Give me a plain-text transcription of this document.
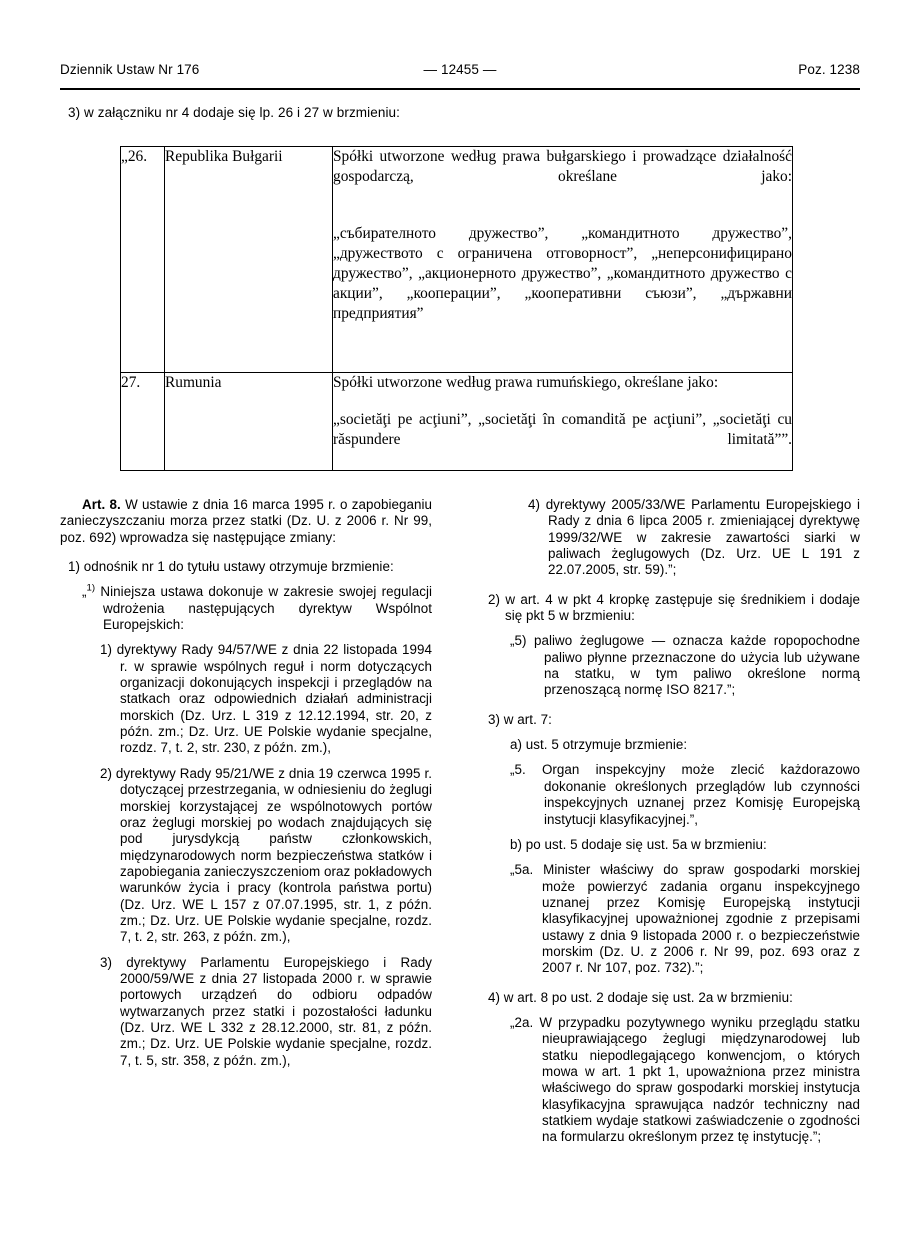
Dziennik Ustaw Nr 176	— 12455 —	Poz. 1238
3) w załączniku nr 4 dodaje się lp. 26 i 27 w brzmieniu:
„26.	Republika Bułgarii	Spółki utworzone według prawa bułgarskiego i prowadzące działalność gospodarczą, określane jako:

„събирателното дружество”, „командитното дружество”, „дружеството с ограничена отговорност”, „неперсонифицирано дружество”, „акционерното дружество”, „командитното дружество с акции”, „кооперации”, „кооперативни съюзи”, „държавни предприятия”

27.	Rumunia	Spółki utworzone według prawa rumuńskiego, określane jako:

„societăţi pe acţiuni”, „societăţi în comandită pe acţiuni”, „societăţi cu răspundere limitată””.

Art. 8. W ustawie z dnia 16 marca 1995 r. o zapobieganiu zanieczyszczaniu morza przez statki (Dz. U. z 2006 r. Nr 99, poz. 692) wprowadza się następujące zmiany:

1) odnośnik nr 1 do tytułu ustawy otrzymuje brzmienie:

„$^{1)}$ Niniejsza ustawa dokonuje w zakresie swojej regulacji wdrożenia następujących dyrektyw Wspólnot Europejskich:

1) dyrektywy Rady 94/57/WE z dnia 22 listopada 1994 r. w sprawie wspólnych reguł i norm dotyczących organizacji dokonujących inspekcji i przeglądów na statkach oraz odpowiednich działań administracji morskich (Dz. Urz. L 319 z 12.12.1994, str. 20, z późn. zm.; Dz. Urz. UE Polskie wydanie specjalne, rozdz. 7, t. 2, str. 230, z późn. zm.),

2) dyrektywy Rady 95/21/WE z dnia 19 czerwca 1995 r. dotyczącej przestrzegania, w odniesieniu do żeglugi morskiej korzystającej ze wspólnotowych portów oraz żeglugi morskiej po wodach znajdujących się pod jurysdykcją państw członkowskich, międzynarodowych norm bezpieczeństwa statków i zapobiegania zanieczyszczeniom oraz pokładowych warunków życia i pracy (kontrola państwa portu) (Dz. Urz. WE L 157 z 07.07.1995, str. 1, z późn. zm.; Dz. Urz. UE Polskie wydanie specjalne, rozdz. 7, t. 2, str. 263, z późn. zm.),

3) dyrektywy Parlamentu Europejskiego i Rady 2000/59/WE z dnia 27 listopada 2000 r. w sprawie portowych urządzeń do odbioru odpadów wytwarzanych przez statki i pozostałości ładunku (Dz. Urz. WE L 332 z 28.12.2000, str. 81, z późn. zm.; Dz. Urz. UE Polskie wydanie specjalne, rozdz. 7, t. 5, str. 358, z późn. zm.),

4) dyrektywy 2005/33/WE Parlamentu Europejskiego i Rady z dnia 6 lipca 2005 r. zmieniającej dyrektywę 1999/32/WE w zakresie zawartości siarki w paliwach żeglugowych (Dz. Urz. UE L 191 z 22.07.2005, str. 59).”;

2) w art. 4 w pkt 4 kropkę zastępuje się średnikiem i dodaje się pkt 5 w brzmieniu:

„5) paliwo żeglugowe — oznacza każde ropopochodne paliwo płynne przeznaczone do użycia lub używane na statku, w tym paliwo określone normą przenoszącą normę ISO 8217.”;

3) w art. 7:

a) ust. 5 otrzymuje brzmienie:

„5. Organ inspekcyjny może zlecić każdorazowo dokonanie określonych przeglądów lub czynności inspekcyjnych uznanej przez Komisję Europejską instytucji klasyfikacyjnej.”,

b) po ust. 5 dodaje się ust. 5a w brzmieniu:

„5a. Minister właściwy do spraw gospodarki morskiej może powierzyć zadania organu inspekcyjnego uznanej przez Komisję Europejską instytucji klasyfikacyjnej upoważnionej zgodnie z przepisami ustawy z dnia 9 listopada 2000 r. o bezpieczeństwie morskim (Dz. U. z 2006 r. Nr 99, poz. 693 oraz z 2007 r. Nr 107, poz. 732).”;

4) w art. 8 po ust. 2 dodaje się ust. 2a w brzmieniu:

„2a. W przypadku pozytywnego wyniku przeglądu statku nieuprawiającego żeglugi międzynarodowej lub statku niepodlegającego konwencjom, o których mowa w art. 1 pkt 1, upoważniona przez ministra właściwego do spraw gospodarki morskiej instytucja klasyfikacyjna sprawująca nadzór techniczny nad statkiem wydaje statkowi zaświadczenie o zgodności na formularzu określonym przez tę instytucję.”;
